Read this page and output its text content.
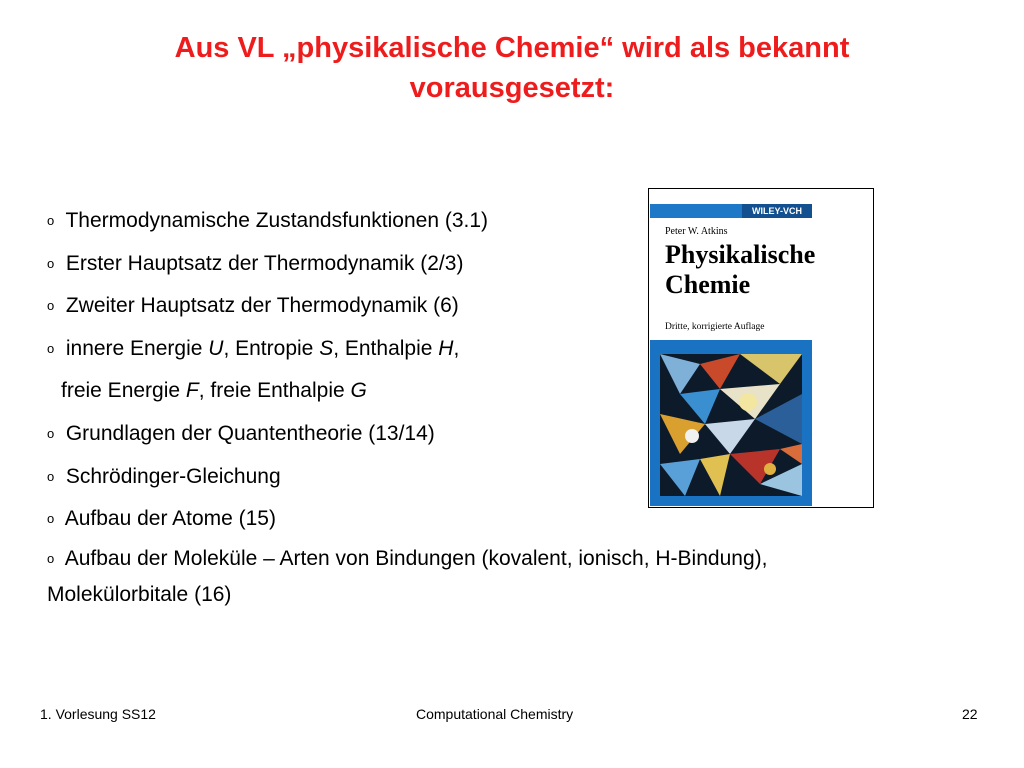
Aus VL „physikalische Chemie“ wird als bekannt
vorausgesetzt:
o Thermodynamische Zustandsfunktionen (3.1)
o Erster Hauptsatz der Thermodynamik (2/3)
o Zweiter Hauptsatz der Thermodynamik (6)
o innere Energie U, Entropie S, Enthalpie H,
freie Energie F, freie Enthalpie G
o Grundlagen der Quantentheorie (13/14)
o Schrödinger-Gleichung
o Aufbau der Atome (15)
o Aufbau der Moleküle – Arten von Bindungen (kovalent, ionisch, H-Bindung),
Molekülorbitale (16)
WILEY-VCH
Peter W. Atkins
Physikalische
Chemie
Dritte, korrigierte Auflage
1. Vorlesung SS12	Computational Chemistry	22
